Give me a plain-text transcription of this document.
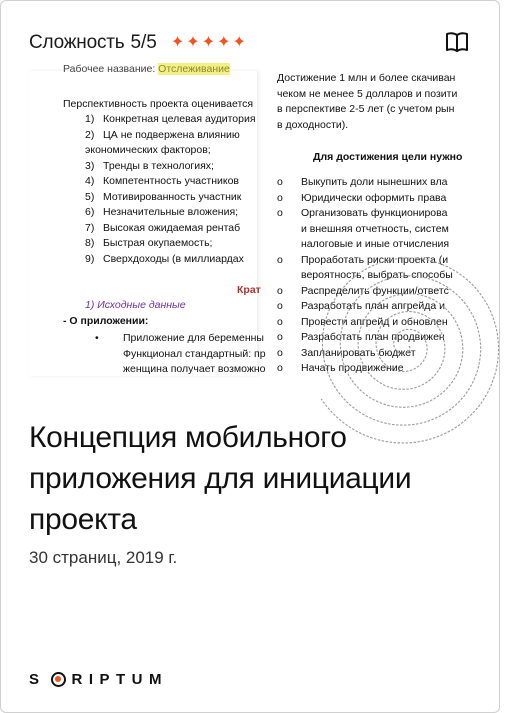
Сложность 5/5 ✦ ✦ ✦ ✦ ✦
Рабочее название: Отслеживание
Перспективность проекта оценивается
1) Конкретная целевая аудитория
2) ЦА не подвержена влиянию
экономических факторов;
3) Тренды в технологиях;
4) Компетентность участников
5) Мотивированность участник
6) Незначительные вложения;
7) Высокая ожидаемая рентаб
8) Быстрая окупаемость;
9) Сверхдоходы (в миллиардах
Крат
1) Исходные данные
- О приложении:
• Приложение для беременны
Функционал стандартный: пр
женщина получает возможно
Достижение 1 млн и более скачиван
чеком не менее 5 долларов и позити
в перспективе 2-5 лет (с учетом рын
в доходности).
Для достижения цели нужно
o Выкупить доли нынешних вла
o Юридически оформить права
o Организовать функционирова
и внешняя отчетность, систем
налоговые и иные отчисления
o Проработать риски проекта (и
вероятность, выбрать способы
o Распределить функции/ответс
o Разработать план апгрейда и
o Провести апгрейд и обновлен
o Разработать план продвижен
o Запланировать бюджет
o Начать продвижение
Концепция мобильного приложения для инициации проекта
30 страниц, 2019 г.
S RIPTUM
